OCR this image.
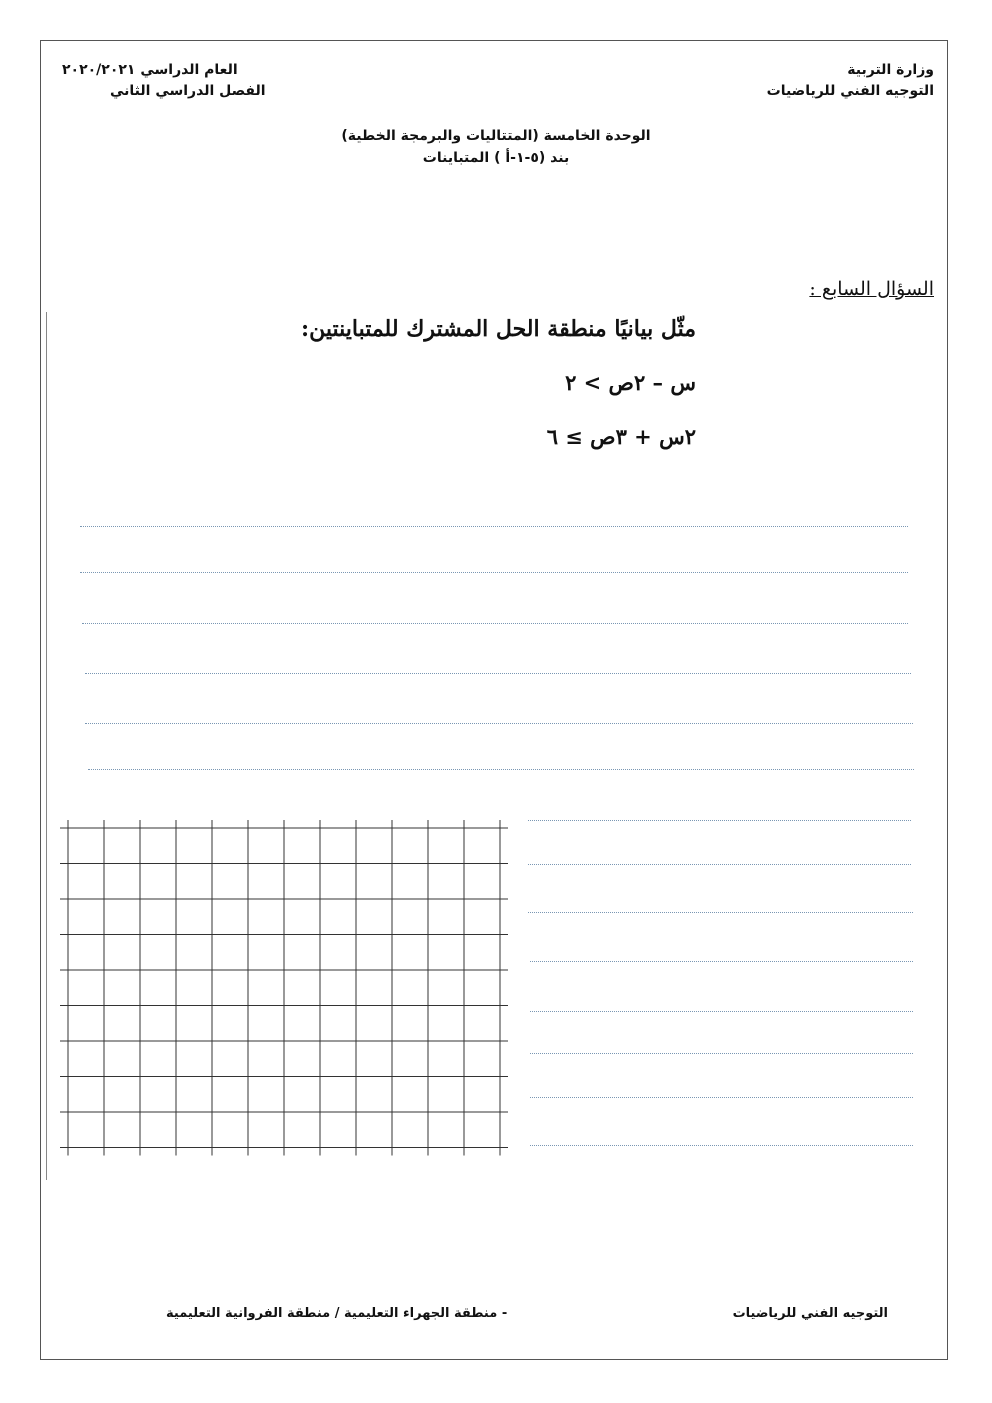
وزارة التربية
التوجيه الفني للرياضيات
العام الدراسي ٢٠٢٠/٢٠٢١
الفصل الدراسي الثاني
الوحدة الخامسة (المتتاليات والبرمجة الخطية)
بند (٥-١-أ ) المتباينات
السؤال السابع :
مثّل بيانيًا منطقة الحل المشترك للمتباينتين:
س – ٢ص > ٢
٢س + ٣ص ≥ ٦
التوجيه الفني للرياضيات
- منطقة الجهراء التعليمية / منطقة الفروانية التعليمية
